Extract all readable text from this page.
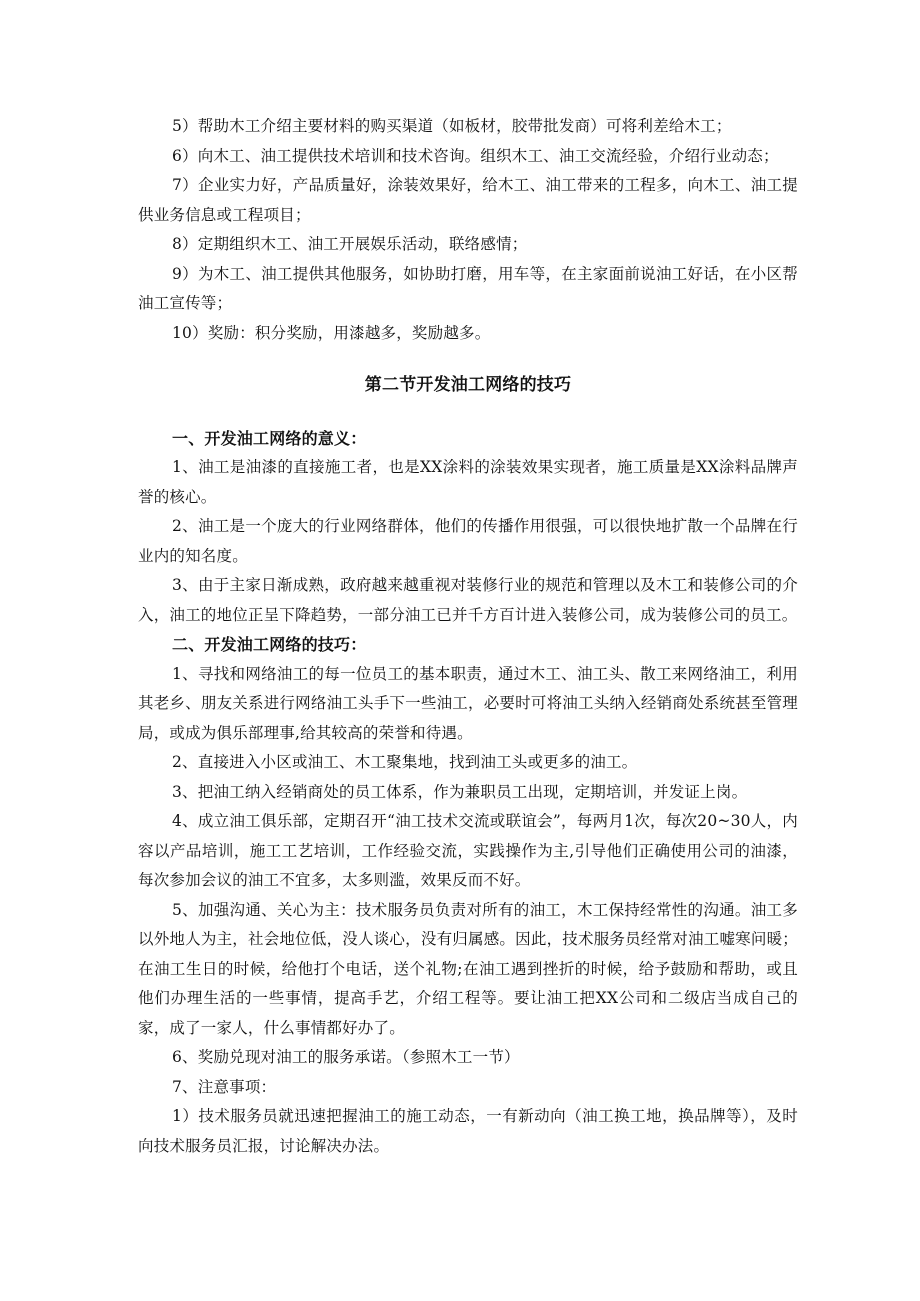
5）帮助木工介绍主要材料的购买渠道（如板材，胶带批发商）可将利差给木工；

6）向木工、油工提供技术培训和技术咨询。组织木工、油工交流经验，介绍行业动态；

7）企业实力好，产品质量好，涂装效果好，给木工、油工带来的工程多，向木工、油工提供业务信息或工程项目；

8）定期组织木工、油工开展娱乐活动，联络感情；

9）为木工、油工提供其他服务，如协助打磨，用车等，在主家面前说油工好话，在小区帮油工宣传等；

10）奖励：积分奖励，用漆越多，奖励越多。

第二节开发油工网络的技巧

一、开发油工网络的意义：

1、油工是油漆的直接施工者，也是XX涂料的涂装效果实现者，施工质量是XX涂料品牌声誉的核心。

2、油工是一个庞大的行业网络群体，他们的传播作用很强，可以很快地扩散一个品牌在行业内的知名度。

3、由于主家日渐成熟，政府越来越重视对装修行业的规范和管理以及木工和装修公司的介入，油工的地位正呈下降趋势，一部分油工已并千方百计进入装修公司，成为装修公司的员工。

二、开发油工网络的技巧：

1、寻找和网络油工的每一位员工的基本职责，通过木工、油工头、散工来网络油工，利用其老乡、朋友关系进行网络油工头手下一些油工，必要时可将油工头纳入经销商处系统甚至管理局，或成为俱乐部理事,给其较高的荣誉和待遇。

2、直接进入小区或油工、木工聚集地，找到油工头或更多的油工。

3、把油工纳入经销商处的员工体系，作为兼职员工出现，定期培训，并发证上岗。

4、成立油工俱乐部，定期召开“油工技术交流或联谊会”，每两月1次，每次20~30人，内容以产品培训，施工工艺培训，工作经验交流，实践操作为主,引导他们正确使用公司的油漆，每次参加会议的油工不宜多，太多则滥，效果反而不好。

5、加强沟通、关心为主：技术服务员负责对所有的油工，木工保持经常性的沟通。油工多以外地人为主，社会地位低，没人谈心，没有归属感。因此，技术服务员经常对油工嘘寒问暖；在油工生日的时候，给他打个电话，送个礼物;在油工遇到挫折的时候，给予鼓励和帮助，或且他们办理生活的一些事情，提高手艺，介绍工程等。要让油工把XX公司和二级店当成自己的家，成了一家人，什么事情都好办了。

6、奖励兑现对油工的服务承诺。（参照木工一节）

7、注意事项：

1）技术服务员就迅速把握油工的施工动态，一有新动向（油工换工地，换品牌等），及时向技术服务员汇报，讨论解决办法。
